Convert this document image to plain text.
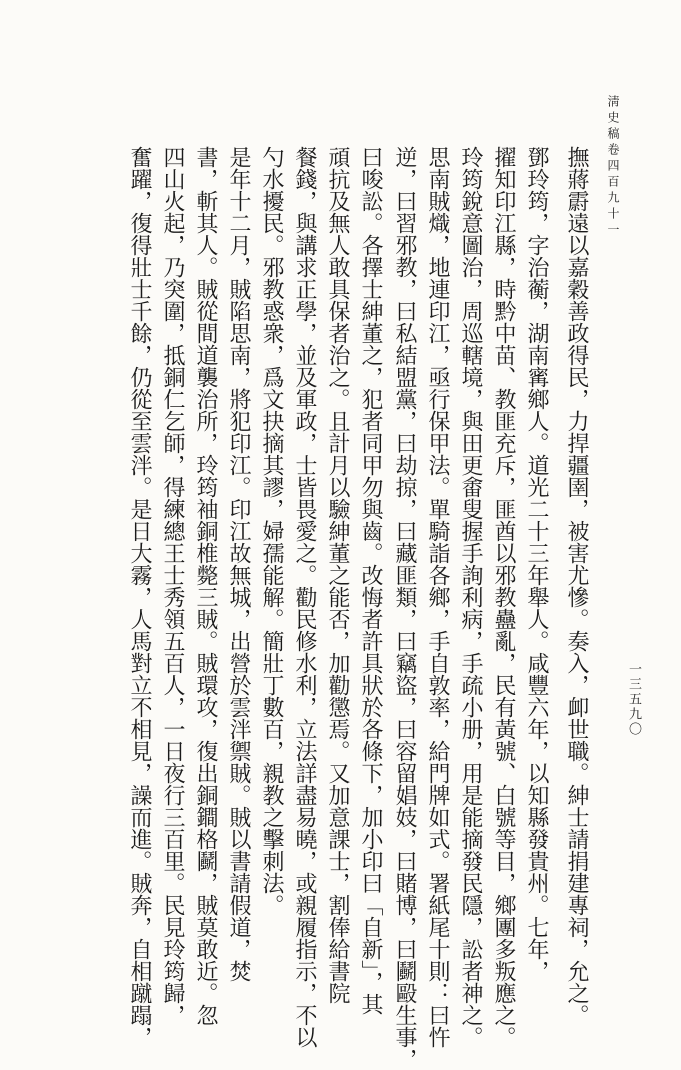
淸史稿卷四百九十一
一三五九〇
撫蔣霨遠以嘉穀善政得民，力捍疆圉，被害尤慘。奏入，卹世職。紳士請捐建專祠，允之。
鄧玲筠，字治蘅，湖南寗鄉人。道光二十三年舉人。咸豐六年，以知縣發貴州。七年，
擢知印江縣，時黔中苗、教匪充斥，匪酋以邪教蠱亂，民有黃號、白號等目，鄉團多叛應之。
玲筠銳意圖治，周巡轄境，與田更畬叟握手詢利病，手疏小册，用是能摘發民隱，訟者神之。
思南賊熾，地連印江，亟行保甲法。單騎詣各鄉，手自敦率，給門牌如式。署紙尾十則：曰忤
逆，曰習邪教，曰私結盟黨，曰劫掠，曰藏匪類，曰竊盜，曰容留娼妓，曰賭博，曰鬬毆生事，
曰唆訟。各擇士紳董之，犯者同甲勿與齒。改悔者許具狀於各條下，加小印曰「自新」，其
頑抗及無人敢具保者治之。且計月以驗紳董之能否，加勸懲焉。又加意課士，割俸給書院
餐錢，與講求正學，並及軍政，士皆畏愛之。勸民修水利，立法詳盡易曉，或親履指示，不以
勺水擾民。邪教惑衆，爲文抉摘其謬，婦孺能解。簡壯丁數百，親教之擊刺法。
是年十二月，賊陷思南，將犯印江。印江故無城，出營於雲泮禦賊。賊以書請假道，焚
書，斬其人。賊從間道襲治所，玲筠袖銅椎斃三賊。賊環攻，復出銅鐧格鬬，賊莫敢近。忽
四山火起，乃突圍，抵銅仁乞師，得練總王士秀領五百人，一日夜行三百里。民見玲筠歸，
奮躍，復得壯士千餘，仍從至雲泮。是日大霧，人馬對立不相見，譟而進。賊奔，自相蹴蹋，
